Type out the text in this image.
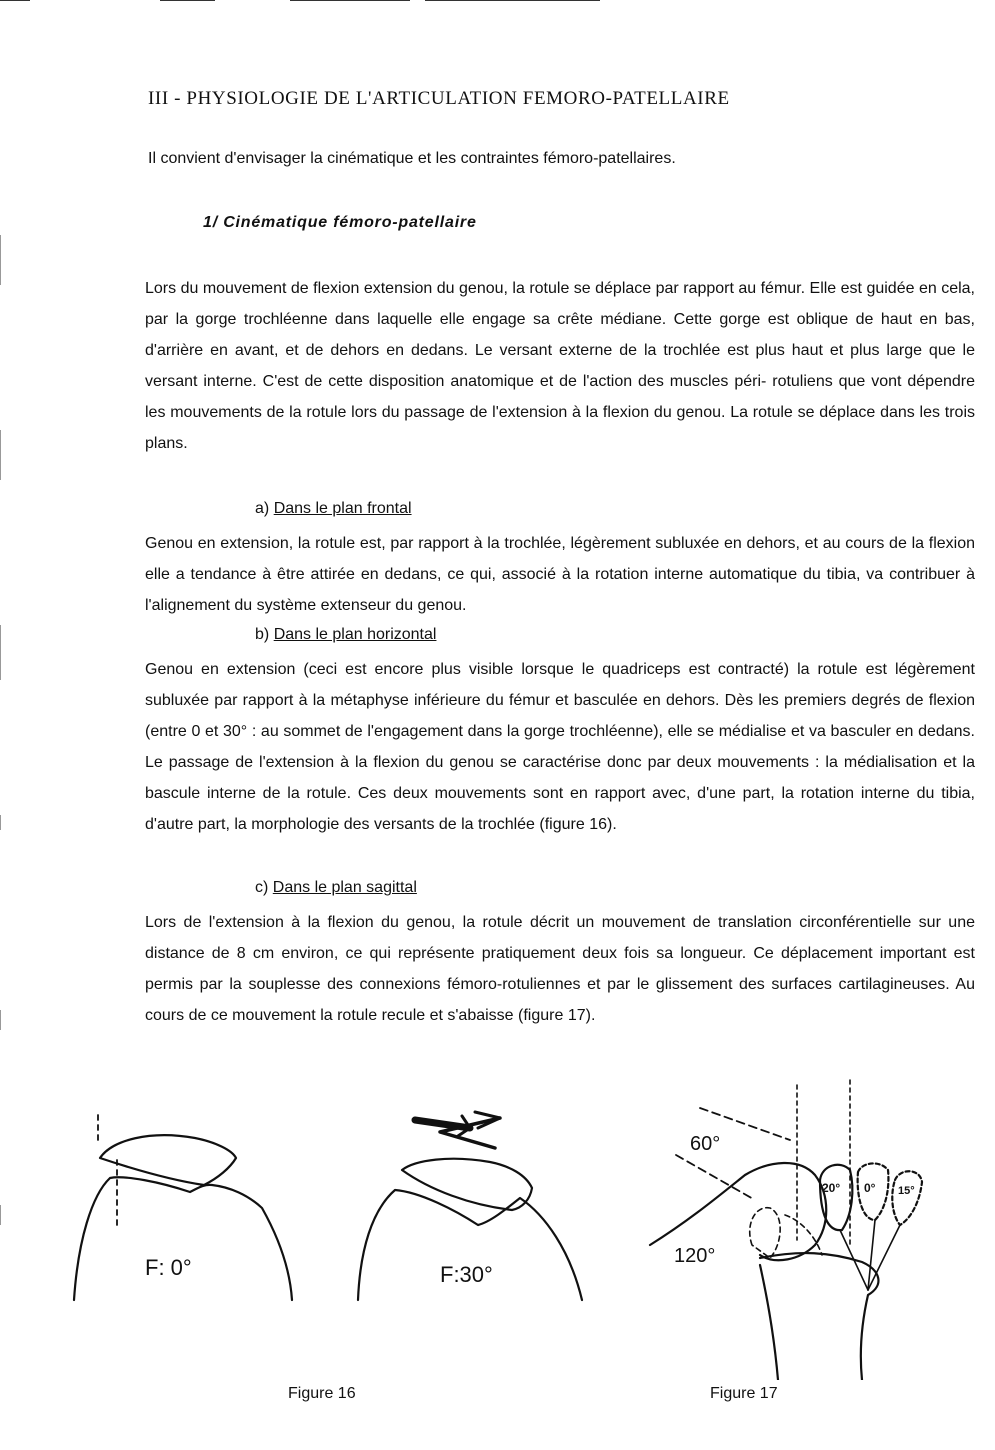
III - PHYSIOLOGIE DE L'ARTICULATION FEMORO-PATELLAIRE

Il convient d'envisager la cinématique et les contraintes fémoro-patellaires.

1/ Cinématique fémoro-patellaire

Lors du mouvement de flexion extension du genou, la rotule se déplace par rapport au fémur. Elle est guidée en cela, par la gorge trochléenne dans laquelle elle engage sa crête médiane. Cette gorge est oblique de haut en bas, d'arrière en avant, et de dehors en dedans. Le versant externe de la trochlée est plus haut et plus large que le versant interne. C'est de cette disposition anatomique et de l'action des muscles péri- rotuliens que vont dépendre les mouvements de la rotule lors du passage de l'extension à la flexion du genou. La rotule se déplace dans les trois plans.

a) Dans le plan frontal

Genou en extension, la rotule est, par rapport à la trochlée, légèrement subluxée en dehors, et au cours de la flexion elle a tendance à être attirée en dedans, ce qui, associé à la rotation interne automatique du tibia, va contribuer à l'alignement du système extenseur du genou.

b) Dans le plan horizontal

Genou en extension (ceci est encore plus visible lorsque le quadriceps est contracté) la rotule est légèrement subluxée par rapport à la métaphyse inférieure du fémur et basculée en dehors. Dès les premiers degrés de flexion (entre 0 et 30° : au sommet de l'engagement dans la gorge trochléenne), elle se médialise et va basculer en dedans. Le passage de l'extension à la flexion du genou se caractérise donc par deux mouvements : la médialisation et la bascule interne de la rotule. Ces deux mouvements sont en rapport avec, d'une part, la rotation interne du tibia, d'autre part, la morphologie des versants de la trochlée (figure 16).

c) Dans le plan sagittal

Lors de l'extension à la flexion du genou, la rotule décrit un mouvement de translation circonférentielle sur une distance de 8 cm environ, ce qui représente pratiquement deux fois sa longueur. Ce déplacement important est permis par la souplesse des connexions fémoro-rotuliennes et par le glissement des surfaces cartilagineuses. Au cours de ce mouvement la rotule recule et s'abaisse (figure 17).

F: 0°	F:30°
60°
120°
20° 0° 15°

Figure 16	Figure 17
